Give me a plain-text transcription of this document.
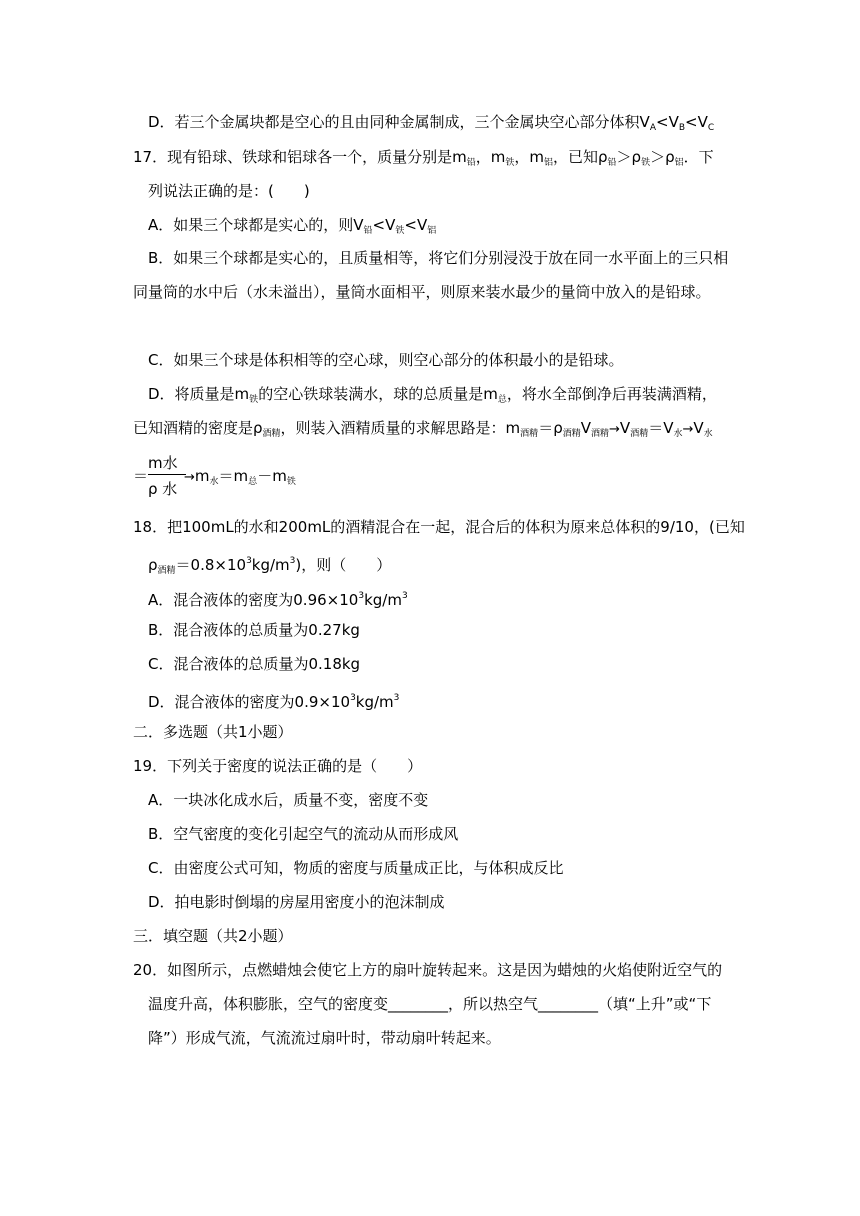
D．若三个金属块都是空心的且由同种金属制成，三个金属块空心部分体积$V_A<V_B<V_C$
17．现有铅球、铁球和铝球各一个，质量分别是$m_铅$，$m_铁$，$m_铝$，已知$\rho_铅>\rho_铁>\rho_铝$．下
列说法正确的是：(　　)
A．如果三个球都是实心的，则$V_铅<V_铁<V_铝$
B．如果三个球都是实心的，且质量相等，将它们分别浸没于放在同一水平面上的三只相
同量筒的水中后（水未溢出），量筒水面相平，则原来装水最少的量筒中放入的是铅球。
C．如果三个球是体积相等的空心球，则空心部分的体积最小的是铅球。
D．将质量是$m_铁$的空心铁球装满水，球的总质量是$m_总$，将水全部倒净后再装满酒精，
已知酒精的密度是$\rho_{酒精}$，则装入酒精质量的求解思路是：$m_{酒精}=\rho_{酒精}V_{酒精}\to V_{酒精}=V_水\to V_水$
＝
m水
ρ 水
$\to m_水=m_总-m_铁$
18．把100mL的水和200mL的酒精混合在一起，混合后的体积为原来总体积的9/10，(已知
$\rho_{酒精}=0.8\times 10^3kg/m^3$)，则（　　）
A．混合液体的密度为$0.96\times 10^3kg/m^3$
B．混合液体的总质量为0.27kg
C．混合液体的总质量为0.18kg
D．混合液体的密度为$0.9\times 10^3kg/m^3$
二．多选题（共1小题）
19．下列关于密度的说法正确的是（　　）
A．一块冰化成水后，质量不变，密度不变
B．空气密度的变化引起空气的流动从而形成风
C．由密度公式可知，物质的密度与质量成正比，与体积成反比
D．拍电影时倒塌的房屋用密度小的泡沫制成
三．填空题（共2小题）
20．如图所示，点燃蜡烛会使它上方的扇叶旋转起来。这是因为蜡烛的火焰使附近空气的
温度升高，体积膨胀，空气的密度变________，所以热空气________（填“上升”或“下
降”）形成气流，气流流过扇叶时，带动扇叶转起来。
